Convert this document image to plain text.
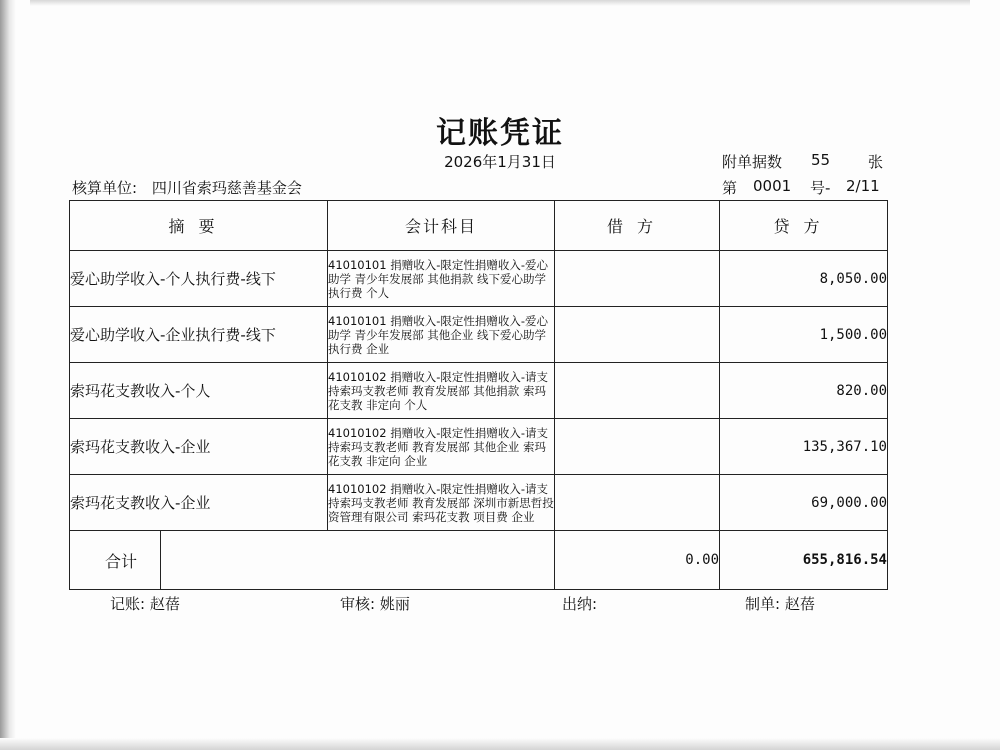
记账凭证
2026年1月31日	附单据数 55	张
核算单位: 四川省索玛慈善基金会	第 0001 号- 2/11
摘要	会计科目	借方	贷方
爱心助学收入-个人执行费-线下	41010101 捐赠收入-限定性捐赠收入-爱心助学 青少年发展部 其他捐款 线下爱心助学 执行费 个人		8,050.00
爱心助学收入-企业执行费-线下	41010101 捐赠收入-限定性捐赠收入-爱心助学 青少年发展部 其他企业 线下爱心助学 执行费 企业		1,500.00
索玛花支教收入-个人	41010102 捐赠收入-限定性捐赠收入-请支持索玛支教老师 教育发展部 其他捐款 索玛花支教 非定向 个人		820.00
索玛花支教收入-企业	41010102 捐赠收入-限定性捐赠收入-请支持索玛支教老师 教育发展部 其他企业 索玛花支教 非定向 企业		135,367.10
索玛花支教收入-企业	41010102 捐赠收入-限定性捐赠收入-请支持索玛支教老师 教育发展部 深圳市新思哲投资管理有限公司 索玛花支教 项目费 企业		69,000.00

合计		0.00	655,816.54
记账: 赵蓓	审核: 姚丽	出纳:	制单: 赵蓓
